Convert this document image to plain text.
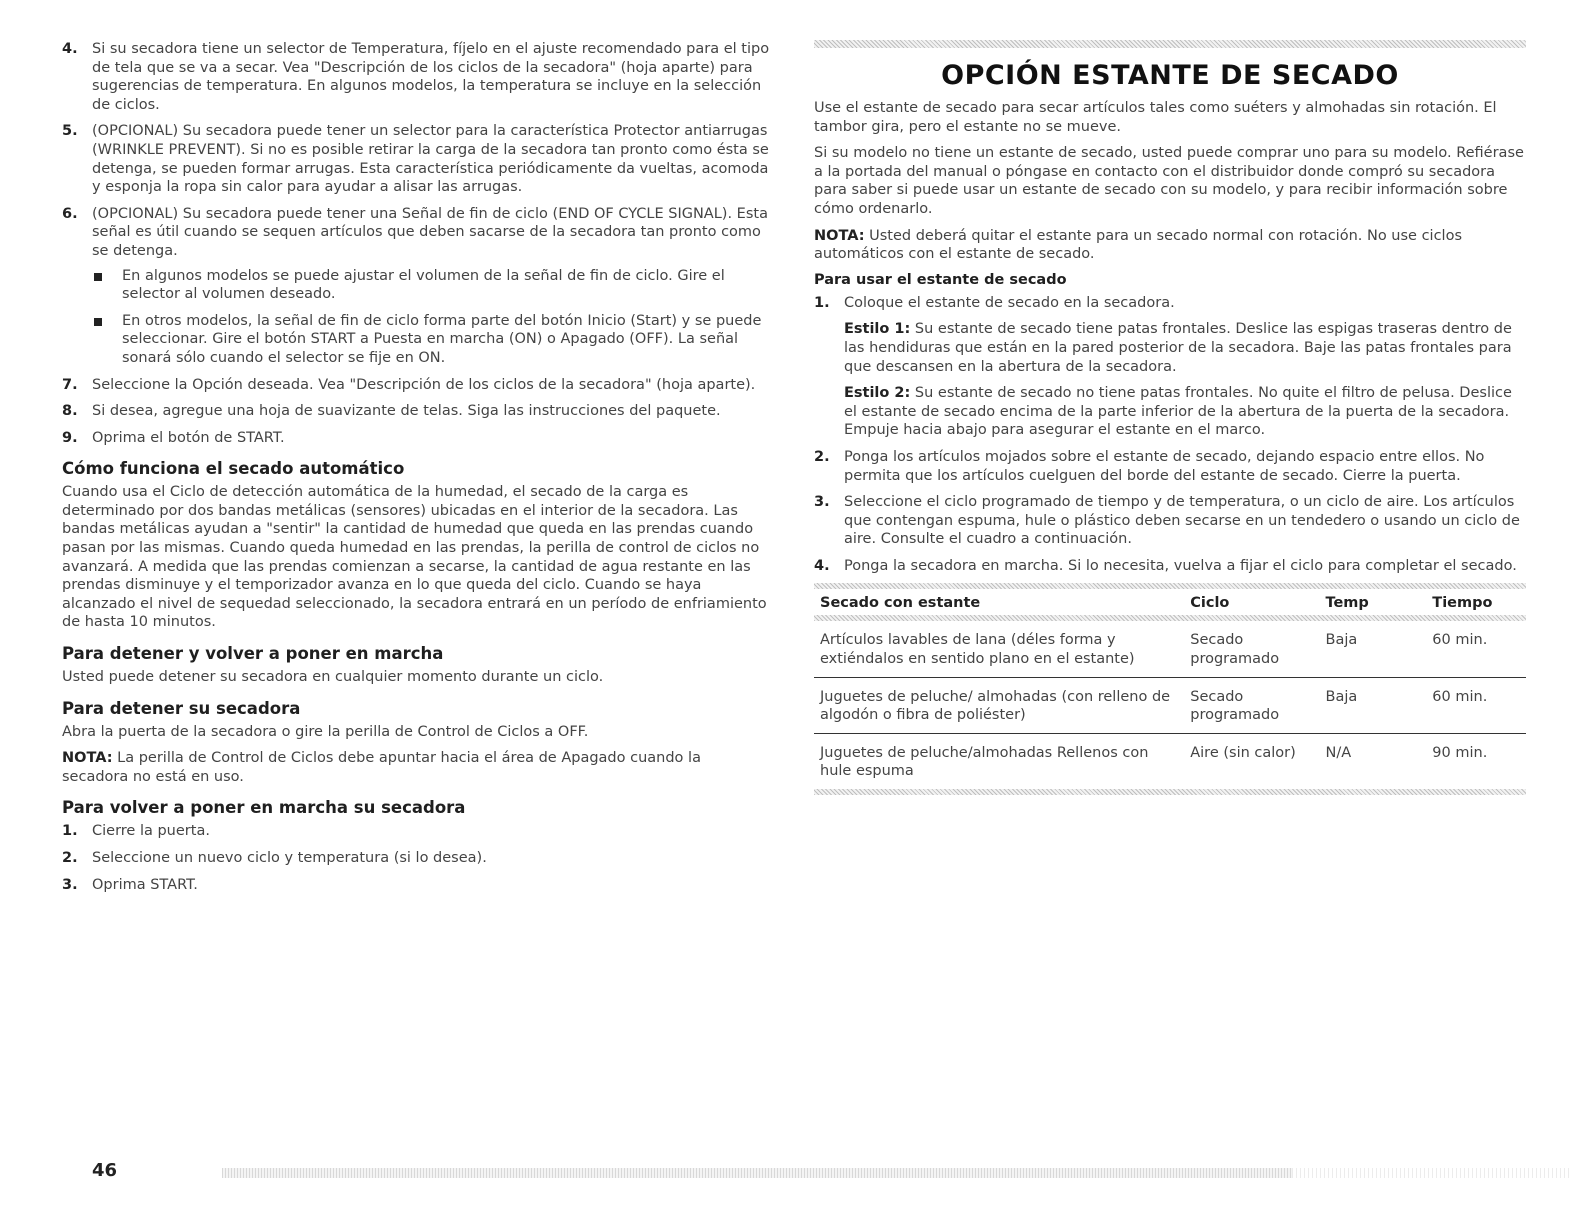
4. Si su secadora tiene un selector de Temperatura, fíjelo en el ajuste recomendado para el tipo de tela que se va a secar. Vea "Descripción de los ciclos de la secadora" (hoja aparte) para sugerencias de temperatura. En algunos modelos, la temperatura se incluye en la selección de ciclos.
5. (OPCIONAL) Su secadora puede tener un selector para la característica Protector antiarrugas (WRINKLE PREVENT). Si no es posible retirar la carga de la secadora tan pronto como ésta se detenga, se pueden formar arrugas. Esta característica periódicamente da vueltas, acomoda y esponja la ropa sin calor para ayudar a alisar las arrugas.
6. (OPCIONAL) Su secadora puede tener una Señal de fin de ciclo (END OF CYCLE SIGNAL). Esta señal es útil cuando se sequen artículos que deben sacarse de la secadora tan pronto como se detenga.
En algunos modelos se puede ajustar el volumen de la señal de fin de ciclo. Gire el selector al volumen deseado.
En otros modelos, la señal de fin de ciclo forma parte del botón Inicio (Start) y se puede seleccionar. Gire el botón START a Puesta en marcha (ON) o Apagado (OFF). La señal sonará sólo cuando el selector se fije en ON.
7. Seleccione la Opción deseada. Vea "Descripción de los ciclos de la secadora" (hoja aparte).
8. Si desea, agregue una hoja de suavizante de telas. Siga las instrucciones del paquete.
9. Oprima el botón de START.
Cómo funciona el secado automático

Cuando usa el Ciclo de detección automática de la humedad, el secado de la carga es determinado por dos bandas metálicas (sensores) ubicadas en el interior de la secadora. Las bandas metálicas ayudan a "sentir" la cantidad de humedad que queda en las prendas cuando pasan por las mismas. Cuando queda humedad en las prendas, la perilla de control de ciclos no avanzará. A medida que las prendas comienzan a secarse, la cantidad de agua restante en las prendas disminuye y el temporizador avanza en lo que queda del ciclo. Cuando se haya alcanzado el nivel de sequedad seleccionado, la secadora entrará en un período de enfriamiento de hasta 10 minutos.

Para detener y volver a poner en marcha

Usted puede detener su secadora en cualquier momento durante un ciclo.

Para detener su secadora

Abra la puerta de la secadora o gire la perilla de Control de Ciclos a OFF.

NOTA: La perilla de Control de Ciclos debe apuntar hacia el área de Apagado cuando la secadora no está en uso.

Para volver a poner en marcha su secadora
1. Cierre la puerta.
2. Seleccione un nuevo ciclo y temperatura (si lo desea).
3. Oprima START.
OPCIÓN ESTANTE DE SECADO

Use el estante de secado para secar artículos tales como suéters y almohadas sin rotación. El tambor gira, pero el estante no se mueve.

Si su modelo no tiene un estante de secado, usted puede comprar uno para su modelo. Refiérase a la portada del manual o póngase en contacto con el distribuidor donde compró su secadora para saber si puede usar un estante de secado con su modelo, y para recibir información sobre cómo ordenarlo.

NOTA: Usted deberá quitar el estante para un secado normal con rotación. No use ciclos automáticos con el estante de secado.

Para usar el estante de secado
1. Coloque el estante de secado en la secadora.
Estilo 1: Su estante de secado tiene patas frontales. Deslice las espigas traseras dentro de las hendiduras que están en la pared posterior de la secadora. Baje las patas frontales para que descansen en la abertura de la secadora.
Estilo 2: Su estante de secado no tiene patas frontales. No quite el filtro de pelusa. Deslice el estante de secado encima de la parte inferior de la abertura de la puerta de la secadora. Empuje hacia abajo para asegurar el estante en el marco.
2. Ponga los artículos mojados sobre el estante de secado, dejando espacio entre ellos. No permita que los artículos cuelguen del borde del estante de secado. Cierre la puerta.
3. Seleccione el ciclo programado de tiempo y de temperatura, o un ciclo de aire. Los artículos que contengan espuma, hule o plástico deben secarse en un tendedero o usando un ciclo de aire. Consulte el cuadro a continuación.
4. Ponga la secadora en marcha. Si lo necesita, vuelva a fijar el ciclo para completar el secado.

Secado con estante	Ciclo	Temp	Tiempo

Artículos lavables de lana (déles forma y extiéndalos en sentido plano en el estante)	Secado programado	Baja	60 min.
Juguetes de peluche/ almohadas (con relleno de algodón o fibra de poliéster)	Secado programado	Baja	60 min.
Juguetes de peluche/almohadas Rellenos con hule espuma	Aire (sin calor)	N/A	90 min.

46
